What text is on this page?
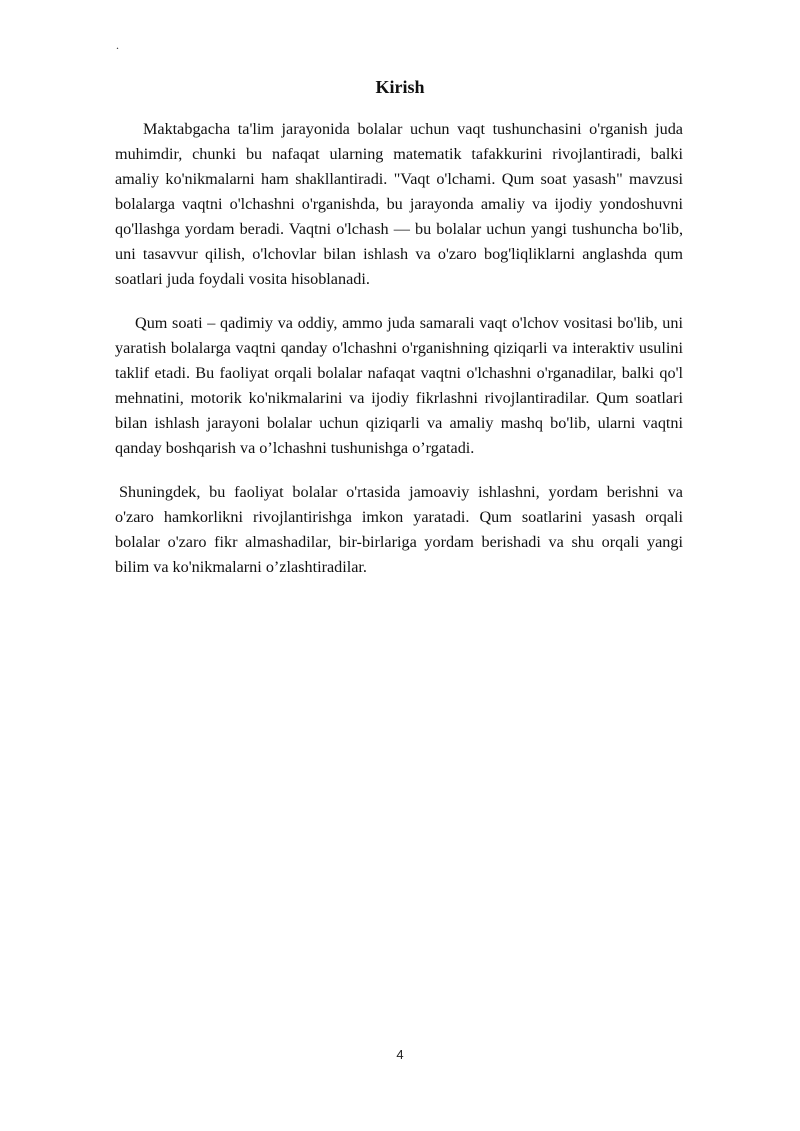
.
Kirish

Maktabgacha ta'lim jarayonida bolalar uchun vaqt tushunchasini o'rganish juda muhimdir, chunki bu nafaqat ularning matematik tafakkurini rivojlantiradi, balki amaliy ko'nikmalarni ham shakllantiradi. "Vaqt o'lchami. Qum soat yasash" mavzusi bolalarga vaqtni o'lchashni o'rganishda, bu jarayonda amaliy va ijodiy yondoshuvni qo'llashga yordam beradi. Vaqtni o'lchash — bu bolalar uchun yangi tushuncha bo'lib, uni tasavvur qilish, o'lchovlar bilan ishlash va o'zaro bog'liqliklarni anglashda qum soatlari juda foydali vosita hisoblanadi.

Qum soati – qadimiy va oddiy, ammo juda samarali vaqt o'lchov vositasi bo'lib, uni yaratish bolalarga vaqtni qanday o'lchashni o'rganishning qiziqarli va interaktiv usulini taklif etadi. Bu faoliyat orqali bolalar nafaqat vaqtni o'lchashni o'rganadilar, balki qo'l mehnatini, motorik ko'nikmalarini va ijodiy fikrlashni rivojlantiradilar. Qum soatlari bilan ishlash jarayoni bolalar uchun qiziqarli va amaliy mashq bo'lib, ularni vaqtni qanday boshqarish va o’lchashni tushunishga o’rgatadi.

Shuningdek, bu faoliyat bolalar o'rtasida jamoaviy ishlashni, yordam berishni va o'zaro hamkorlikni rivojlantirishga imkon yaratadi. Qum soatlarini yasash orqali bolalar o'zaro fikr almashadilar, bir-birlariga yordam berishadi va shu orqali yangi bilim va ko'nikmalarni o’zlashtiradilar.

4
